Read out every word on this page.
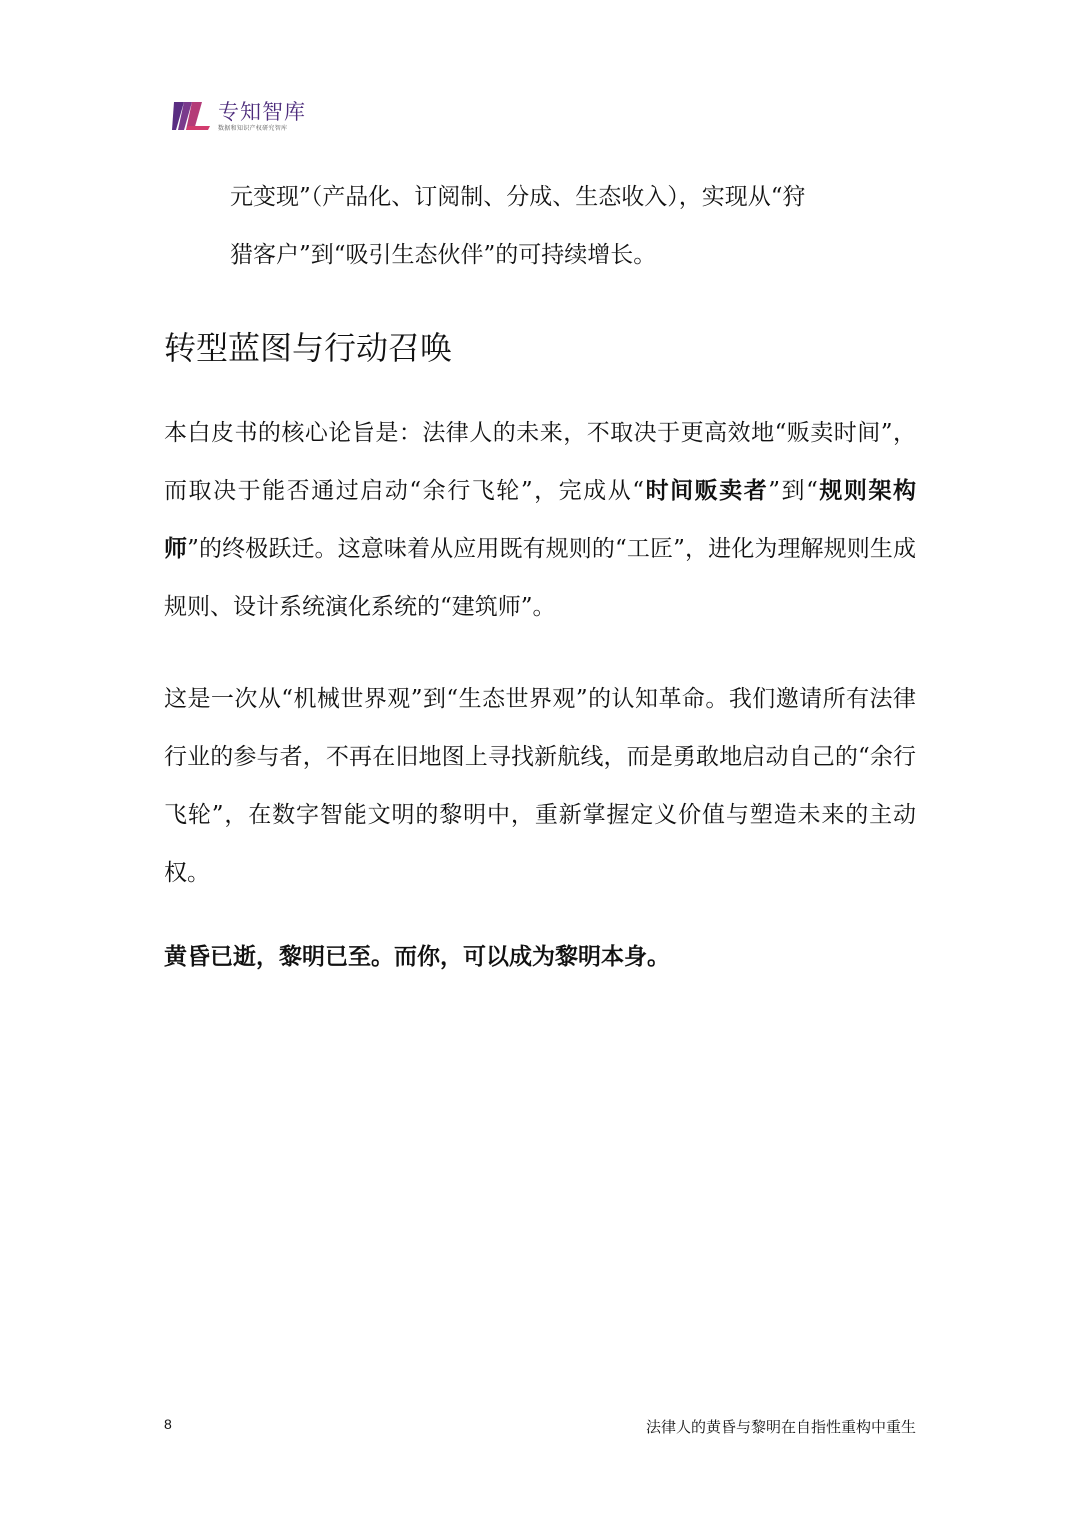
专知智库
数据和知识产权研究智库

元变现”（产品化、订阅制、分成、生态收入），实现从“狩
猎客户”到“吸引生态伙伴”的可持续增长。

转型蓝图与行动召唤

本白皮书的核心论旨是：法律人的未来，不取决于更高效地“贩卖时间”，而取决于能否通过启动“余行飞轮”，完成从“时间贩卖者”到“规则架构师”的终极跃迁。这意味着从应用既有规则的“工匠”，进化为理解规则生成规则、设计系统演化系统的“建筑师”。

这是一次从“机械世界观”到“生态世界观”的认知革命。我们邀请所有法律行业的参与者，不再在旧地图上寻找新航线，而是勇敢地启动自己的“余行飞轮”，在数字智能文明的黎明中，重新掌握定义价值与塑造未来的主动权。

黄昏已逝，黎明已至。而你，可以成为黎明本身。

8	法律人的黄昏与黎明在自指性重构中重生
